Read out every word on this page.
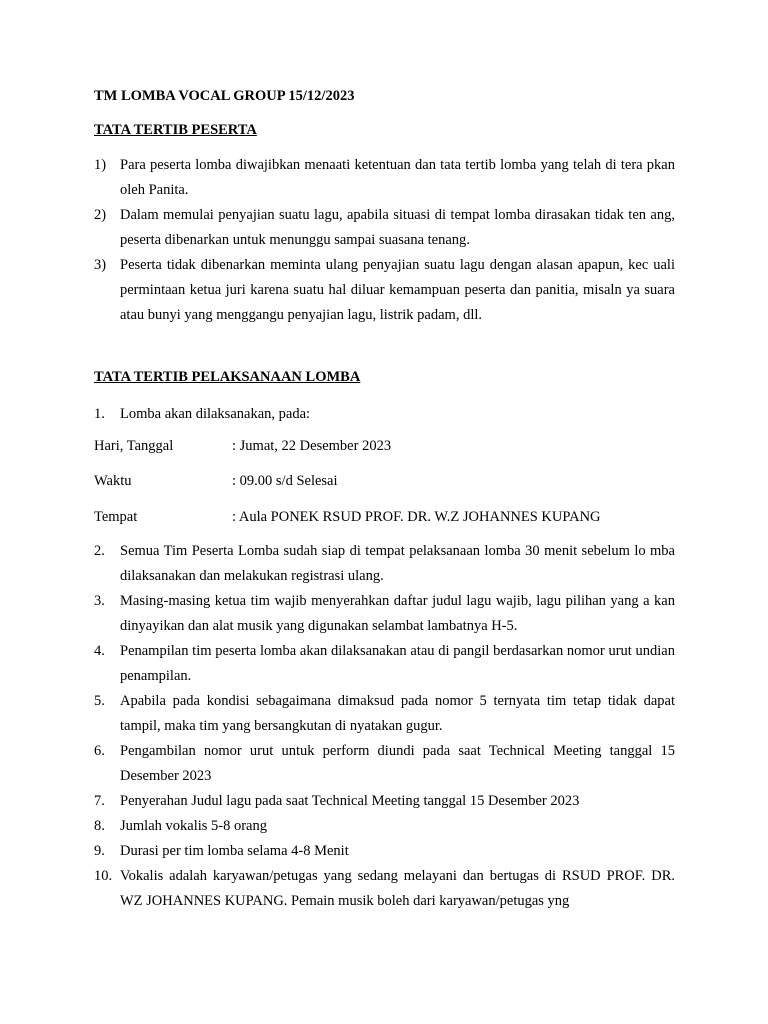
TM LOMBA VOCAL GROUP 15/12/2023
TATA TERTIB PESERTA
1) Para peserta lomba diwajibkan menaati ketentuan dan tata tertib lomba yang telah di tera pkan oleh Panita.
2) Dalam memulai penyajian suatu lagu, apabila situasi di tempat lomba dirasakan tidak ten ang, peserta dibenarkan untuk menunggu sampai suasana tenang.
3) Peserta tidak dibenarkan meminta ulang penyajian suatu lagu dengan alasan apapun, kec uali permintaan ketua juri karena suatu hal diluar kemampuan peserta dan panitia, misaln ya suara atau bunyi yang menggangu penyajian lagu, listrik padam, dll.
TATA TERTIB PELAKSANAAN LOMBA
1.	Lomba akan dilaksanakan, pada:
Hari, Tanggal	: Jumat, 22 Desember 2023
Waktu	: 09.00 s/d Selesai
Tempat	: Aula PONEK RSUD PROF. DR. W.Z JOHANNES KUPANG
2.	Semua Tim Peserta Lomba sudah siap di tempat pelaksanaan lomba 30 menit sebelum lo mba dilaksanakan dan melakukan registrasi ulang.
3.	Masing-masing ketua tim wajib menyerahkan daftar judul lagu wajib, lagu pilihan yang a kan dinyayikan dan alat musik yang digunakan selambat lambatnya H-5.
4.	Penampilan tim peserta lomba akan dilaksanakan atau di pangil berdasarkan nomor urut undian penampilan.
5.	Apabila pada kondisi sebagaimana dimaksud pada nomor 5 ternyata tim tetap tidak dapat tampil, maka tim yang bersangkutan di nyatakan gugur.
6.	Pengambilan nomor urut untuk perform diundi pada saat Technical Meeting tanggal 15 Desember 2023
7.	Penyerahan Judul lagu pada saat Technical Meeting tanggal 15 Desember 2023
8.	Jumlah vokalis 5-8 orang
9.	Durasi per tim lomba selama 4-8 Menit
10. Vokalis adalah karyawan/petugas yang sedang melayani dan bertugas di RSUD PROF. DR. WZ JOHANNES KUPANG. Pemain musik boleh dari karyawan/petugas yng
